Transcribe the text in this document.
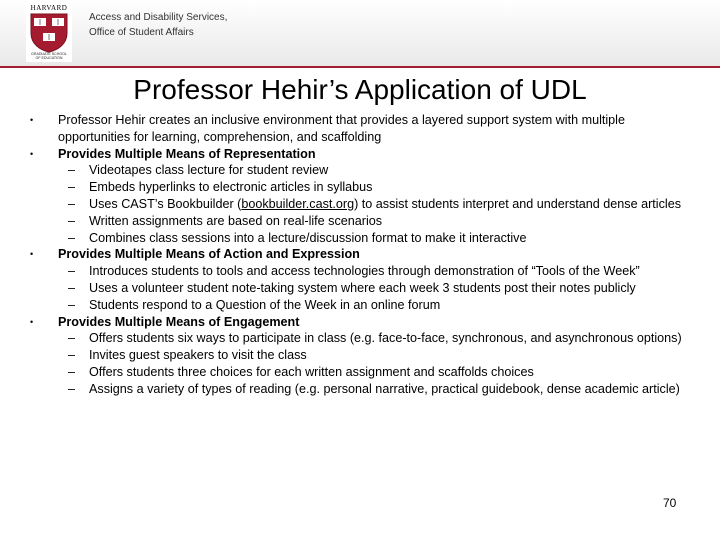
HARVARD
GRADUATE SCHOOL
OF EDUCATION
Access and Disability Services,
Office of Student Affairs
Professor Hehir’s Application of UDL
• Professor Hehir creates an inclusive environment that provides a layered support system with multiple opportunities for learning, comprehension, and scaffolding
• Provides Multiple Means of Representation
– Videotapes class lecture for student review
– Embeds hyperlinks to electronic articles in syllabus
– Uses CAST’s Bookbuilder (bookbuilder.cast.org) to assist students interpret and understand dense articles
– Written assignments are based on real-life scenarios
– Combines class sessions into a lecture/discussion format to make it interactive
• Provides Multiple Means of Action and Expression
– Introduces students to tools and access technologies through demonstration of “Tools of the Week”
– Uses a volunteer student note-taking system where each week 3 students post their notes publicly
– Students respond to a Question of the Week in an online forum
• Provides Multiple Means of Engagement
– Offers students six ways to participate in class (e.g. face-to-face, synchronous, and asynchronous options)
– Invites guest speakers to visit the class
– Offers students three choices for each written assignment and scaffolds choices
– Assigns a variety of types of reading (e.g. personal narrative, practical guidebook, dense academic article)
70
